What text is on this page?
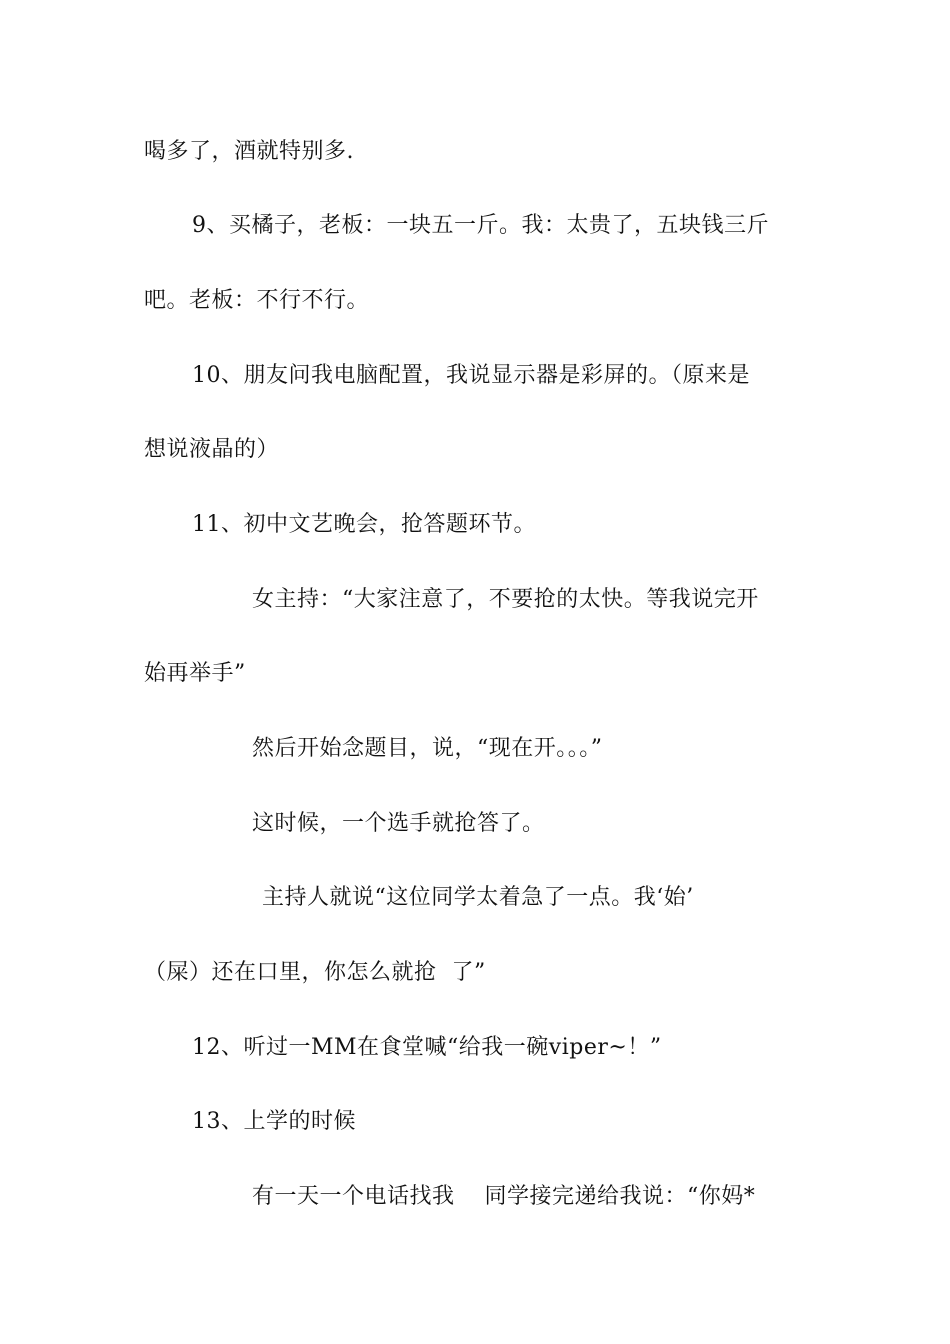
喝多了，酒就特别多.
9、买橘子，老板：一块五一斤。我：太贵了，五块钱三斤
吧。老板：不行不行。
10、朋友问我电脑配置，我说显示器是彩屏的。（原来是
想说液晶的）
11、初中文艺晚会，抢答题环节。
女主持：“大家注意了，不要抢的太快。等我说完开
始再举手”
然后开始念题目，说，“现在开。。。”
这时候，一个选手就抢答了。
主持人就说“这位同学太着急了一点。我‘始’
（屎）还在口里，你怎么就抢  了”
12、听过一MM在食堂喊“给我一碗viper~！”
13、上学的时候
有一天一个电话找我    同学接完递给我说：“你妈*
